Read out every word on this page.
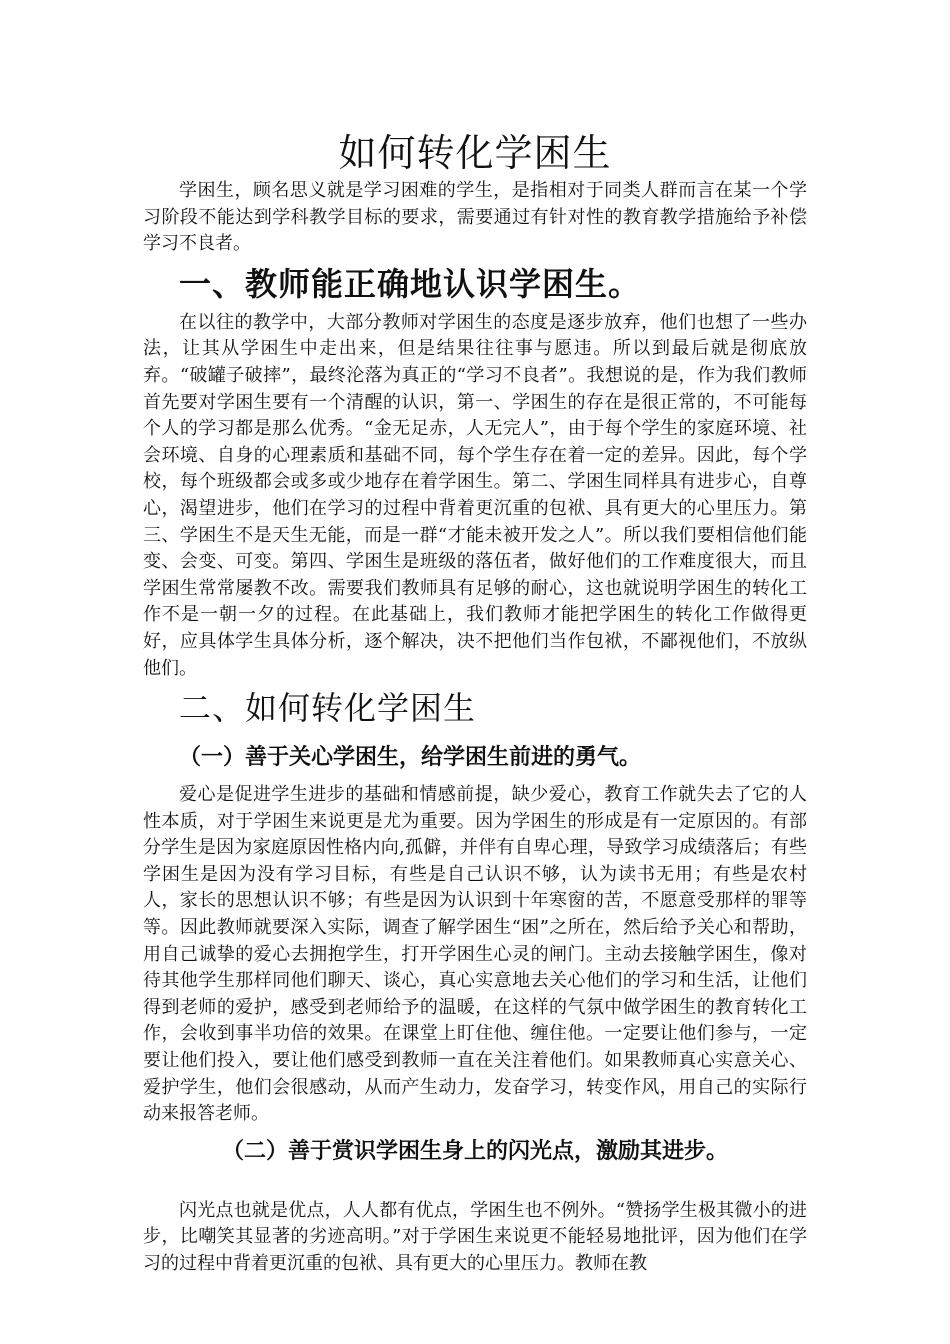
如何转化学困生

学困生，顾名思义就是学习困难的学生，是指相对于同类人群而言在某一个学习阶段不能达到学科教学目标的要求，需要通过有针对性的教育教学措施给予补偿学习不良者。

一、教师能正确地认识学困生。

在以往的教学中，大部分教师对学困生的态度是逐步放弃，他们也想了一些办法，让其从学困生中走出来，但是结果往往事与愿违。所以到最后就是彻底放弃。“破罐子破摔”，最终沦落为真正的“学习不良者”。我想说的是，作为我们教师首先要对学困生要有一个清醒的认识，第一、学困生的存在是很正常的，不可能每个人的学习都是那么优秀。“金无足赤，人无完人”，由于每个学生的家庭环境、社会环境、自身的心理素质和基础不同，每个学生存在着一定的差异。因此，每个学校，每个班级都会或多或少地存在着学困生。第二、学困生同样具有进步心，自尊心，渴望进步，他们在学习的过程中背着更沉重的包袱、具有更大的心里压力。第三、学困生不是天生无能，而是一群“才能未被开发之人”。所以我们要相信他们能变、会变、可变。第四、学困生是班级的落伍者，做好他们的工作难度很大，而且学困生常常屡教不改。需要我们教师具有足够的耐心，这也就说明学困生的转化工作不是一朝一夕的过程。在此基础上，我们教师才能把学困生的转化工作做得更好，应具体学生具体分析，逐个解决，决不把他们当作包袱，不鄙视他们，不放纵他们。

二、如何转化学困生
（一）善于关心学困生，给学困生前进的勇气。

爱心是促进学生进步的基础和情感前提，缺少爱心，教育工作就失去了它的人性本质，对于学困生来说更是尤为重要。因为学困生的形成是有一定原因的。有部分学生是因为家庭原因性格内向,孤僻，并伴有自卑心理，导致学习成绩落后；有些学困生是因为没有学习目标，有些是自己认识不够，认为读书无用；有些是农村人，家长的思想认识不够；有些是因为认识到十年寒窗的苦，不愿意受那样的罪等等。因此教师就要深入实际，调查了解学困生“困”之所在，然后给予关心和帮助，用自己诚挚的爱心去拥抱学生，打开学困生心灵的闸门。主动去接触学困生，像对待其他学生那样同他们聊天、谈心，真心实意地去关心他们的学习和生活，让他们得到老师的爱护，感受到老师给予的温暖，在这样的气氛中做学困生的教育转化工作，会收到事半功倍的效果。在课堂上盯住他、缠住他。一定要让他们参与，一定要让他们投入，要让他们感受到教师一直在关注着他们。如果教师真心实意关心、爱护学生，他们会很感动，从而产生动力，发奋学习，转变作风，用自己的实际行动来报答老师。

（二）善于赏识学困生身上的闪光点，激励其进步。

闪光点也就是优点，人人都有优点，学困生也不例外。“赞扬学生极其微小的进步，比嘲笑其显著的劣迹高明。”对于学困生来说更不能轻易地批评，因为他们在学习的过程中背着更沉重的包袱、具有更大的心里压力。教师在教
